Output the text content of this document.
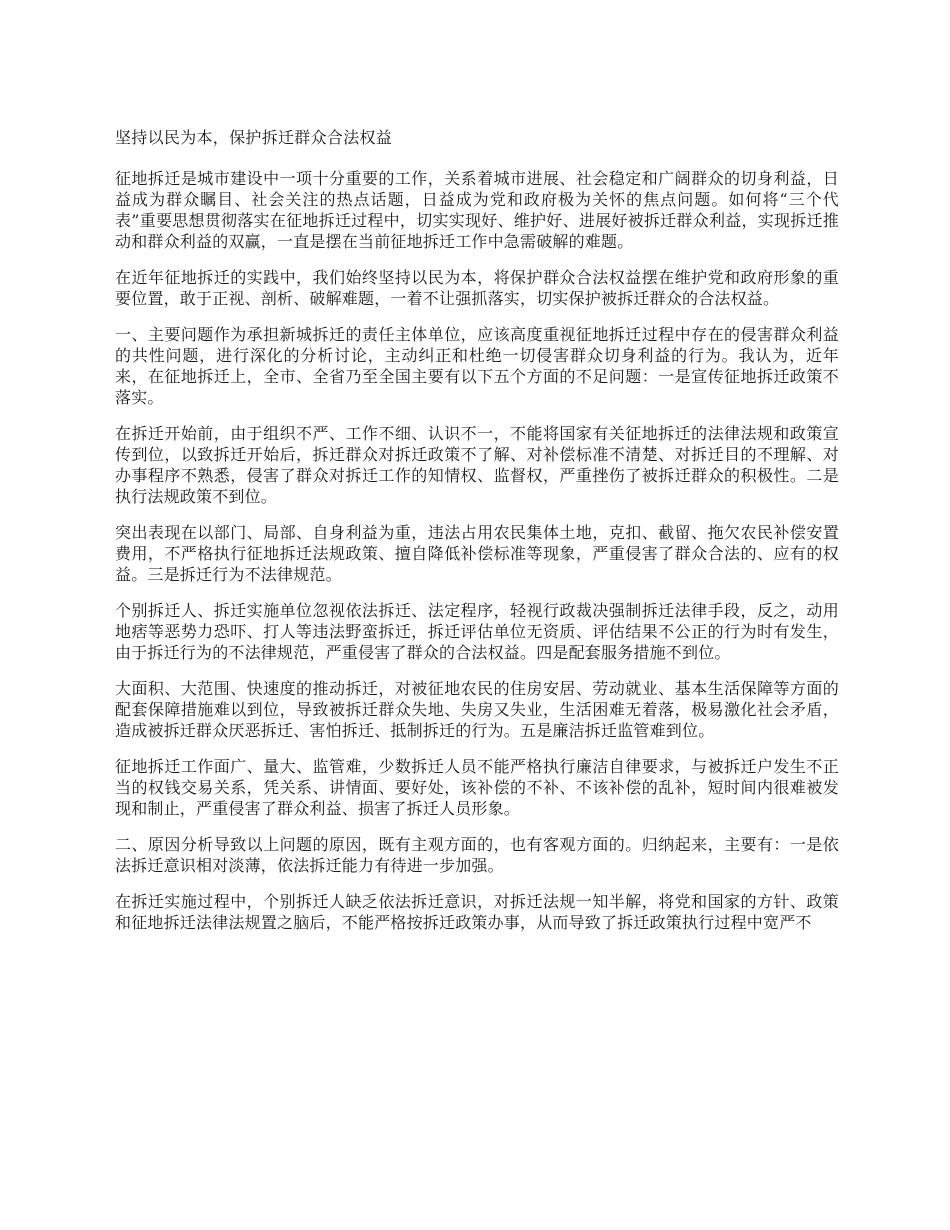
坚持以民为本，保护拆迁群众合法权益

征地拆迁是城市建设中一项十分重要的工作，关系着城市进展、社会稳定和广阔群众的切身利益，日益成为群众瞩目、社会关注的热点话题，日益成为党和政府极为关怀的焦点问题。如何将“三个代表”重要思想贯彻落实在征地拆迁过程中，切实实现好、维护好、进展好被拆迁群众利益，实现拆迁推动和群众利益的双赢，一直是摆在当前征地拆迁工作中急需破解的难题。

在近年征地拆迁的实践中，我们始终坚持以民为本，将保护群众合法权益摆在维护党和政府形象的重要位置，敢于正视、剖析、破解难题，一着不让强抓落实，切实保护被拆迁群众的合法权益。

一、主要问题作为承担新城拆迁的责任主体单位，应该高度重视征地拆迁过程中存在的侵害群众利益的共性问题，进行深化的分析讨论，主动纠正和杜绝一切侵害群众切身利益的行为。我认为，近年来，在征地拆迁上，全市、全省乃至全国主要有以下五个方面的不足问题：一是宣传征地拆迁政策不落实。

在拆迁开始前，由于组织不严、工作不细、认识不一，不能将国家有关征地拆迁的法律法规和政策宣传到位，以致拆迁开始后，拆迁群众对拆迁政策不了解、对补偿标准不清楚、对拆迁目的不理解、对办事程序不熟悉，侵害了群众对拆迁工作的知情权、监督权，严重挫伤了被拆迁群众的积极性。二是执行法规政策不到位。

突出表现在以部门、局部、自身利益为重，违法占用农民集体土地，克扣、截留、拖欠农民补偿安置费用，不严格执行征地拆迁法规政策、擅自降低补偿标准等现象，严重侵害了群众合法的、应有的权益。三是拆迁行为不法律规范。

个别拆迁人、拆迁实施单位忽视依法拆迁、法定程序，轻视行政裁决强制拆迁法律手段，反之，动用地痞等恶势力恐吓、打人等违法野蛮拆迁，拆迁评估单位无资质、评估结果不公正的行为时有发生，由于拆迁行为的不法律规范，严重侵害了群众的合法权益。四是配套服务措施不到位。

大面积、大范围、快速度的推动拆迁，对被征地农民的住房安居、劳动就业、基本生活保障等方面的配套保障措施难以到位，导致被拆迁群众失地、失房又失业，生活困难无着落，极易激化社会矛盾，造成被拆迁群众厌恶拆迁、害怕拆迁、抵制拆迁的行为。五是廉洁拆迁监管难到位。

征地拆迁工作面广、量大、监管难，少数拆迁人员不能严格执行廉洁自律要求，与被拆迁户发生不正当的权钱交易关系，凭关系、讲情面、要好处，该补偿的不补、不该补偿的乱补，短时间内很难被发现和制止，严重侵害了群众利益、损害了拆迁人员形象。

二、原因分析导致以上问题的原因，既有主观方面的，也有客观方面的。归纳起来，主要有：一是依法拆迁意识相对淡薄，依法拆迁能力有待进一步加强。

在拆迁实施过程中，个别拆迁人缺乏依法拆迁意识，对拆迁法规一知半解，将党和国家的方针、政策和征地拆迁法律法规置之脑后，不能严格按拆迁政策办事，从而导致了拆迁政策执行过程中宽严不
